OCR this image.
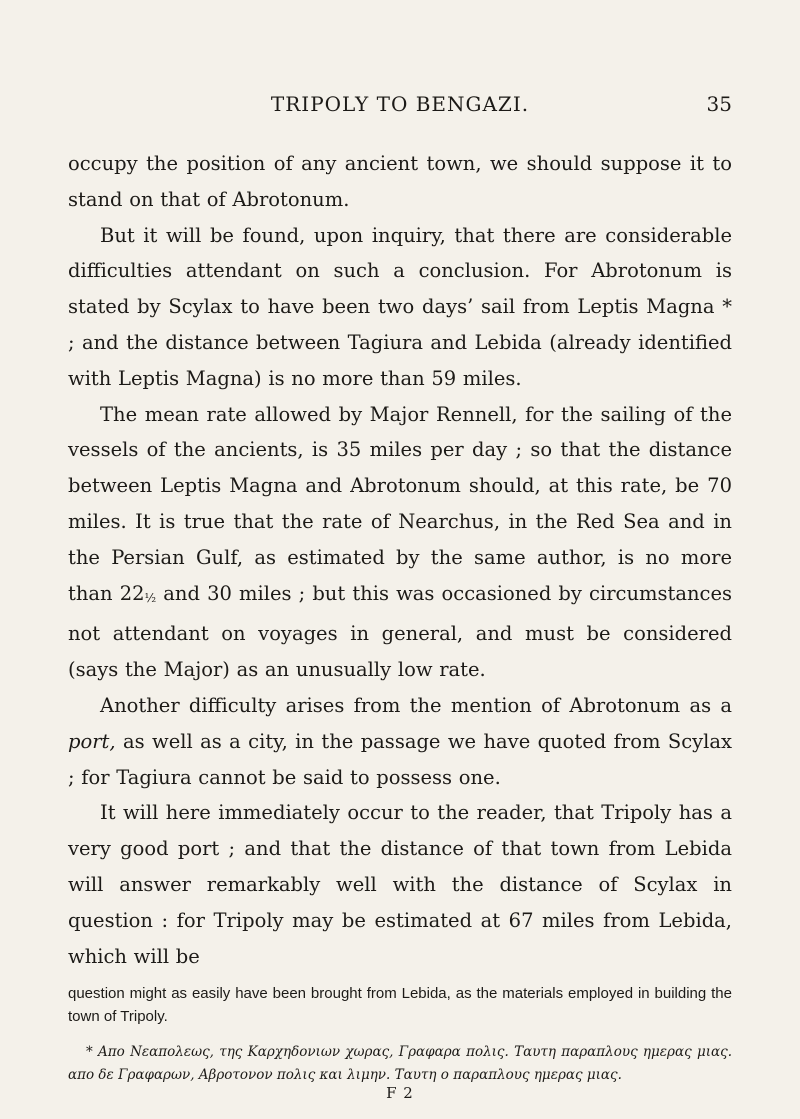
TRIPOLY TO BENGAZI.	35

occupy the position of any ancient town, we should suppose it to stand on that of Abrotonum.

But it will be found, upon inquiry, that there are considerable difficulties attendant on such a conclusion. For Abrotonum is stated by Scylax to have been two days’ sail from Leptis Magna * ; and the distance between Tagiura and Lebida (already identified with Leptis Magna) is no more than 59 miles.

The mean rate allowed by Major Rennell, for the sailing of the vessels of the ancients, is 35 miles per day ; so that the distance between Leptis Magna and Abrotonum should, at this rate, be 70 miles. It is true that the rate of Nearchus, in the Red Sea and in the Persian Gulf, as estimated by the same author, is no more than 22½ and 30 miles ; but this was occasioned by circumstances not attendant on voyages in general, and must be considered (says the Major) as an unusually low rate.

Another difficulty arises from the mention of Abrotonum as a port, as well as a city, in the passage we have quoted from Scylax ; for Tagiura cannot be said to possess one.

It will here immediately occur to the reader, that Tripoly has a very good port ; and that the distance of that town from Lebida will answer remarkably well with the distance of Scylax in question : for Tripoly may be estimated at 67 miles from Lebida, which will be

question might as easily have been brought from Lebida, as the materials employed in building the town of Tripoly.

* Απο Νεαπολεως, της Καρχηδονιων χωρας, Γραφαρα πολις. Ταυτη παραπλους ημερας μιας. απο δε Γραφαρων, Αβροτονον πολις και λιμην. Ταυτη ο παραπλους ημερας μιας.

F 2
